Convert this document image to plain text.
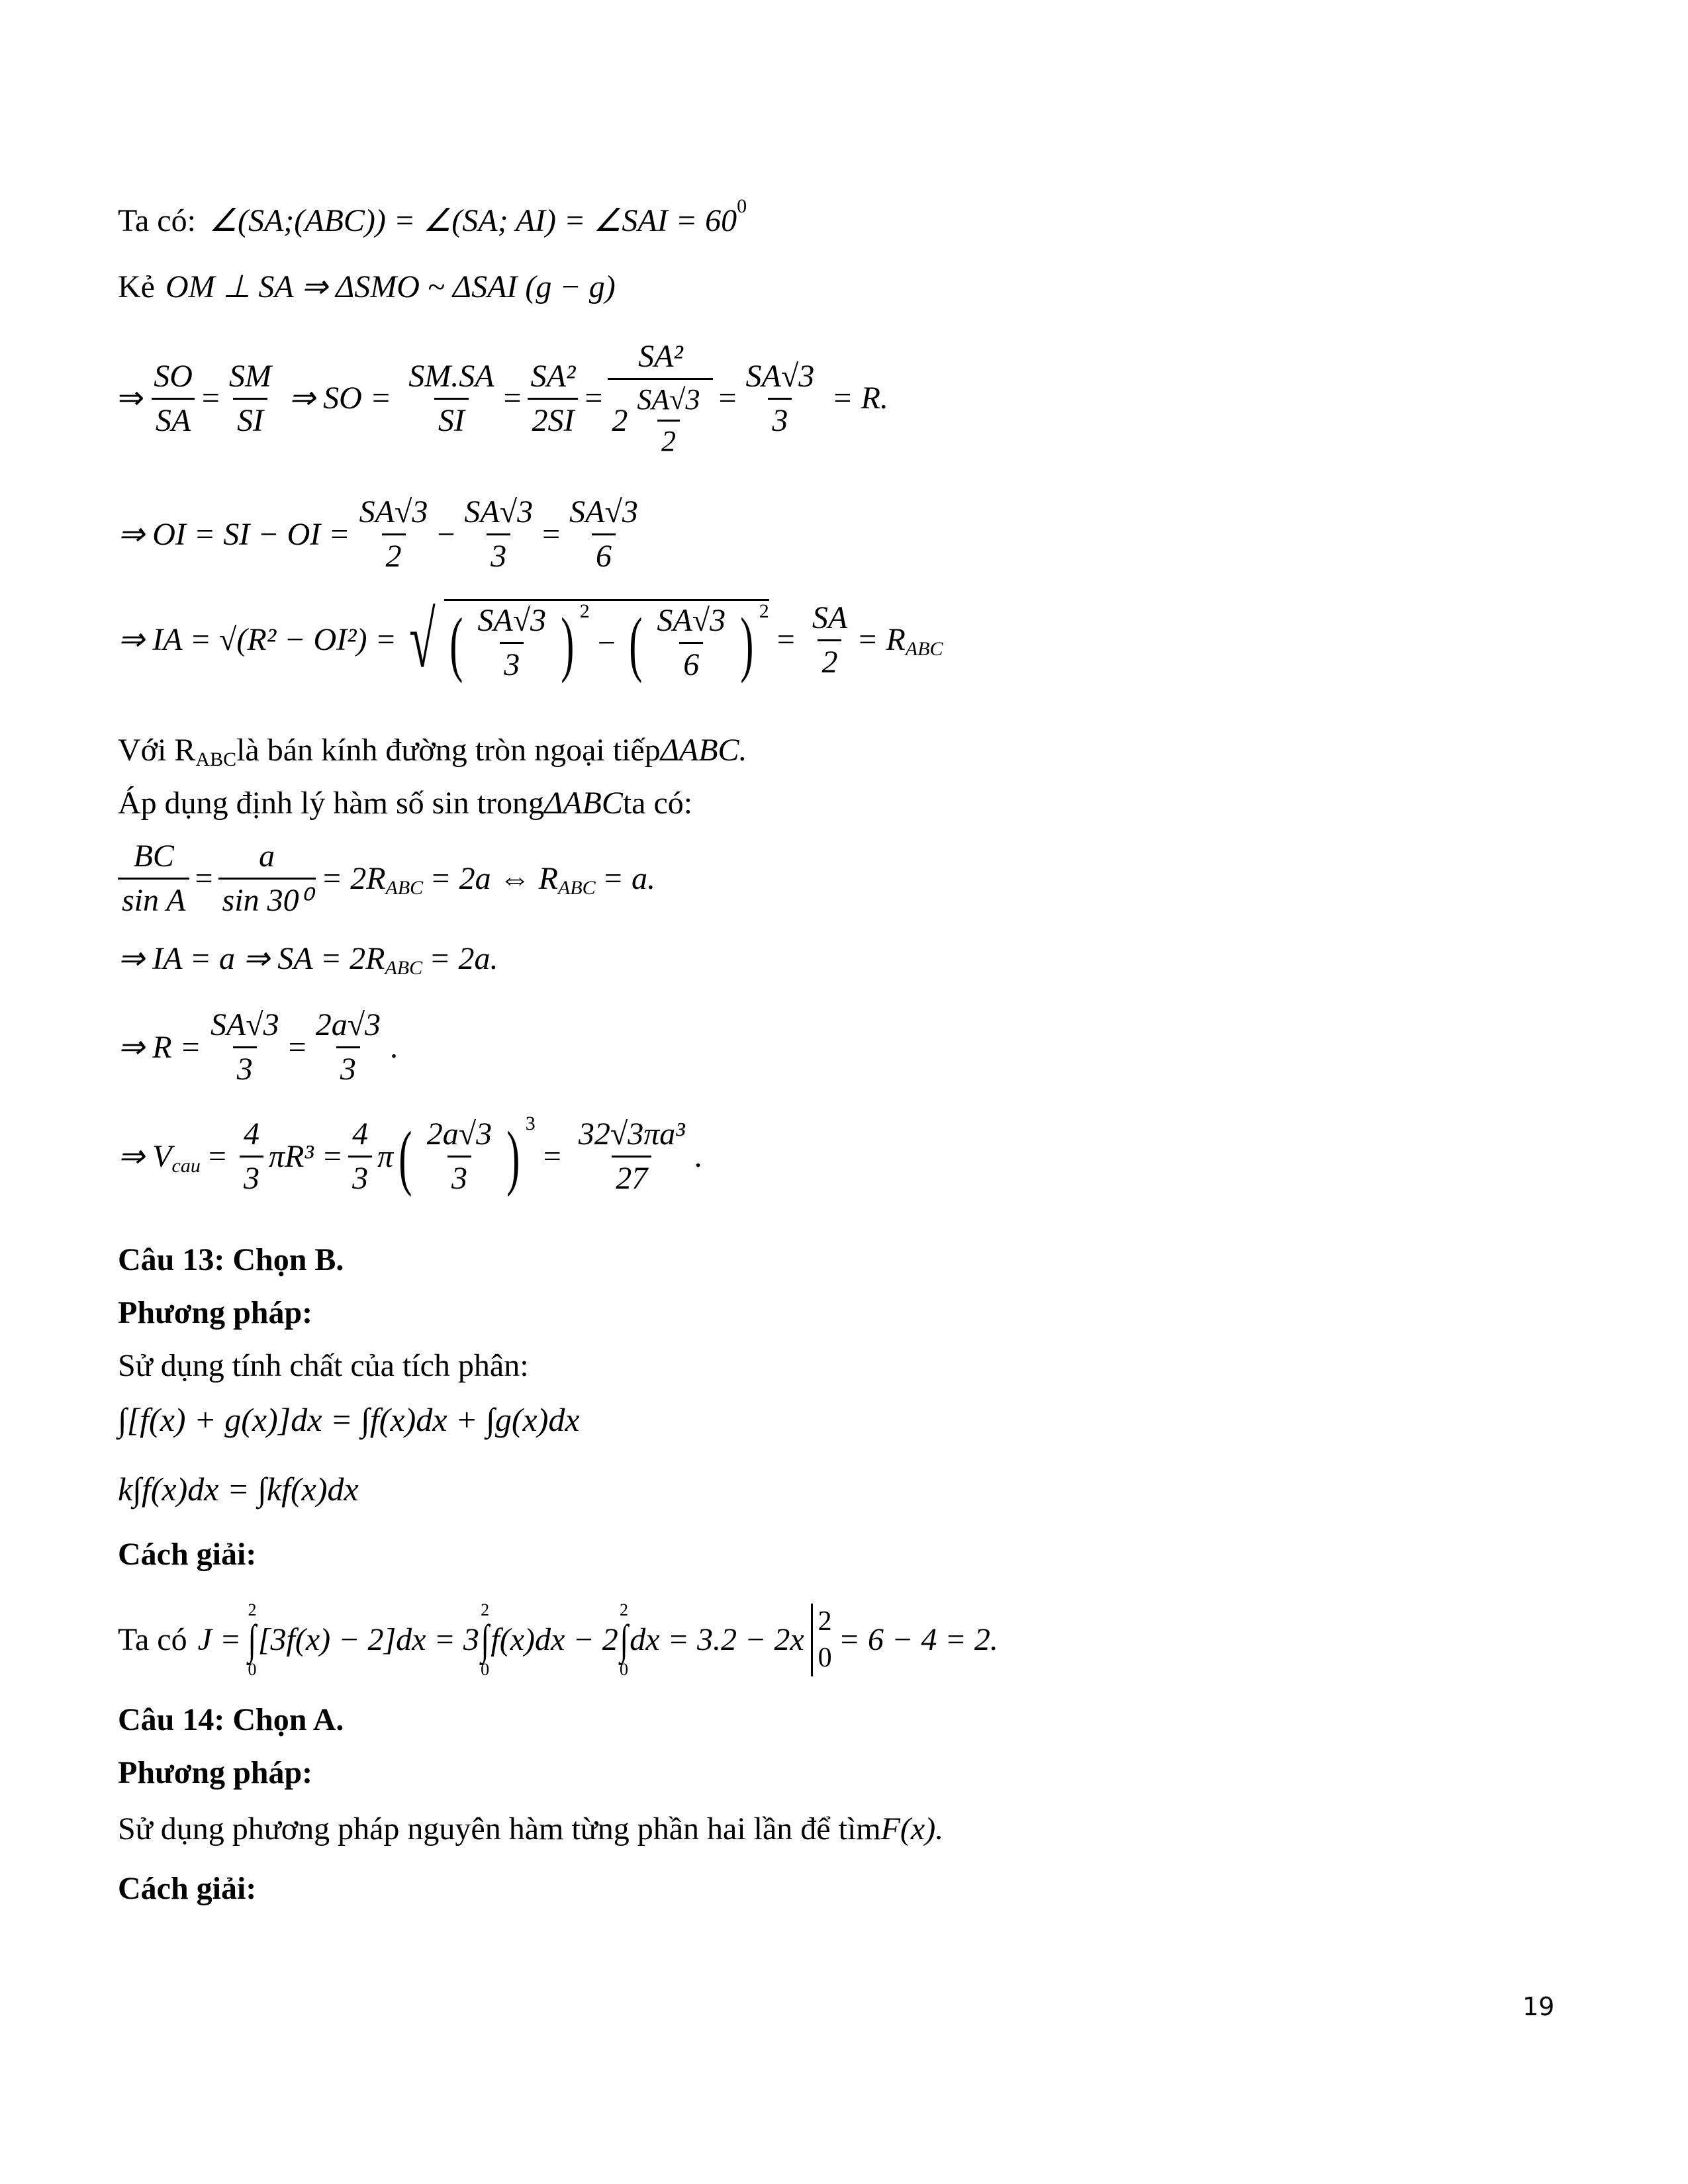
Ta có: ∠(SA;(ABC)) = ∠(SA; AI) = ∠SAI = 60 0
Kẻ OM ⊥ SA ⇒ ΔSMO ~ ΔSAI (g − g)
⇒ $\frac{SO}{SA} = \frac{SM}{SI}$ ⇒ SO = $\frac{SM.SA}{SI} = \frac{\text{SA²}}{2SI} = \frac{\text{SA²}}{2 \frac{SA√3}{2}} = \frac{SA√3}{3} = R$.
⇒ OI = SI − OI = $\frac{SA√3}{2} - \frac{SA√3}{3} = \frac{SA√3}{6}$
⇒ IA = √(R² − OI²) = √ ( $\frac{SA√3}{3}$ ) 2
− ( $\frac{SA√3}{6}$ ) 2
= $\frac{SA}{2} = R$ ABC
Với R ABC là bán kính đường tròn ngoại tiếp ΔABC.
Áp dụng định lý hàm số sin trong ΔABC ta có:
$\frac{BC}{\text{sin A}} = \frac{a}{\text{sin 30⁰}} = 2R$ ABC = 2a ⇔ R ABC = a.
⇒ IA = a ⇒ SA = 2R ABC = 2a.
⇒ $R = \frac{SA√3}{3} = \frac{2a√3}{3}$ .
⇒ V cau = $\frac{4}{3} \pi R^3 = \frac{4}{3}$ π ( $\frac{2a√3}{3}$ ) 3
= $\frac{\text{32√3πa³}}{27}$ .
Câu 13: Chọn B.
Phương pháp:
Sử dụng tính chất của tích phân:
∫[f(x) + g(x)]dx = ∫f(x)dx + ∫g(x)dx
k∫f(x)dx = ∫kf(x)dx
Cách giải:
Ta có J =
2
∫
0
[3f(x) − 2]dx = 3
2
∫
0
f(x)dx − 2
2
∫
0
dx = 3.2 − 2x
2
0
= 6 − 4 = 2.
Câu 14: Chọn A.
Phương pháp:
Sử dụng phương pháp nguyên hàm từng phần hai lần để tìm F(x).
Cách giải:
19
